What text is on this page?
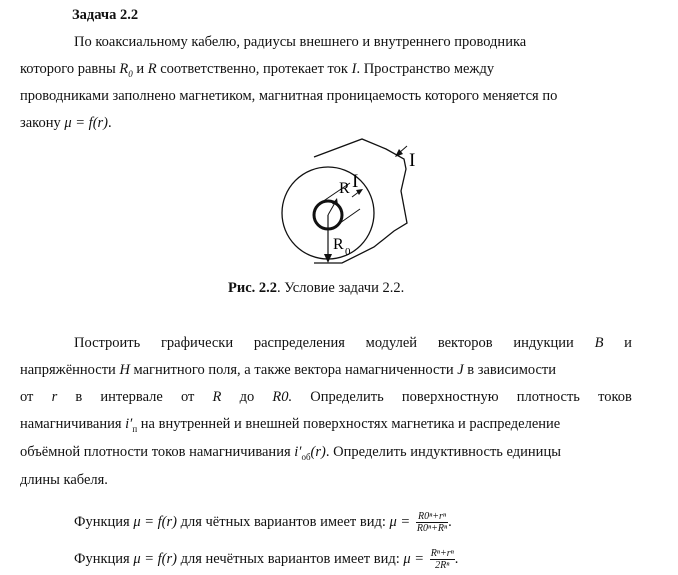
Задача 2.2
По коаксиальному кабелю, радиусы внешнего и внутреннего проводника
которого равны $R_0$ и R соответственно, протекает ток I. Пространство между
проводниками заполнено магнетиком, магнитная проницаемость которого меняется по
закону μ = f(r).
R I
I
R 0
Рис. 2.2. Условие задачи 2.2.
Построить графически распределения модулей векторов индукции B и
напряжённости H магнитного поля, а также вектора намагниченности J в зависимости
от r в интервале от R до R0. Определить поверхностную плотность токов
намагничивания $i'_п$ на внутренней и внешней поверхностях магнетика и распределение
объёмной плотности токов намагничивания $i'_{об}(r)$. Определить индуктивность единицы
длины кабеля.
Функция μ = f(r) для чётных вариантов имеет вид: $\mu = \frac{\text{R0ⁿ+rⁿ}}{\text{R0ⁿ+Rⁿ}}$ .
Функция μ = f(r) для нечётных вариантов имеет вид: $\mu = \frac{\text{Rⁿ+rⁿ}}{\text{2Rⁿ}}$ .
